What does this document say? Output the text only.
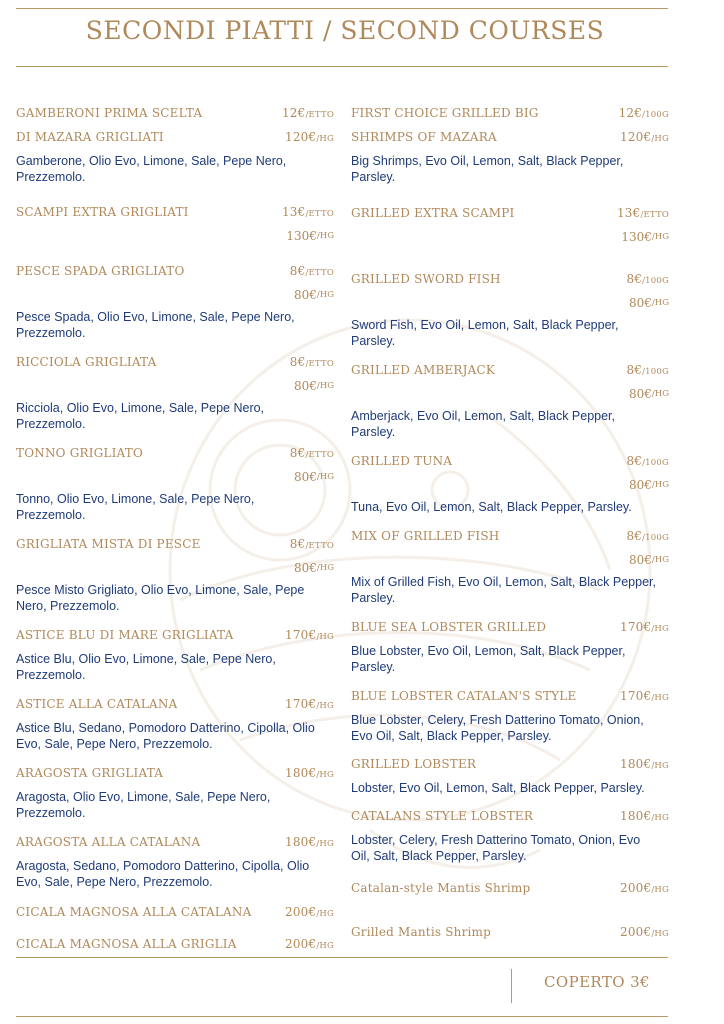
SECONDI PIATTI / SECOND COURSES
GAMBERONI PRIMA SCELTA	12€/ETTO
DI MAZARA GRIGLIATI	120€/HG
Gamberone, Olio Evo, Limone, Sale, Pepe Nero, Prezzemolo.
SCAMPI EXTRA GRIGLIATI	13€/ETTO
130€ /HG
PESCE SPADA GRIGLIATO	8€/ETTO
80€ /HG
Pesce Spada, Olio Evo, Limone, Sale, Pepe Nero, Prezzemolo.
RICCIOLA GRIGLIATA	8€/ETTO
80€ /HG
Ricciola, Olio Evo, Limone, Sale, Pepe Nero, Prezzemolo.
TONNO GRIGLIATO	8€/ETTO
80€ /HG
Tonno, Olio Evo, Limone, Sale, Pepe Nero, Prezzemolo.
GRIGLIATA MISTA DI PESCE	8€/ETTO
80€ /HG
Pesce Misto Grigliato, Olio Evo, Limone, Sale, Pepe Nero, Prezzemolo.
ASTICE BLU DI MARE GRIGLIATA	170€/HG
Astice Blu, Olio Evo, Limone, Sale, Pepe Nero, Prezzemolo.
ASTICE ALLA CATALANA	170€/HG
Astice Blu, Sedano, Pomodoro Datterino, Cipolla, Olio Evo, Sale, Pepe Nero, Prezzemolo.
ARAGOSTA GRIGLIATA	180€/HG
Aragosta, Olio Evo, Limone, Sale, Pepe Nero, Prezzemolo.
ARAGOSTA ALLA CATALANA	180€/HG
Aragosta, Sedano, Pomodoro Datterino, Cipolla, Olio Evo, Sale, Pepe Nero, Prezzemolo.
CICALA MAGNOSA ALLA CATALANA	200€/HG
CICALA MAGNOSA ALLA GRIGLIA	200€/HG
FIRST CHOICE GRILLED BIG	12€/100G
SHRIMPS OF MAZARA	120€/HG
Big Shrimps, Evo Oil, Lemon, Salt, Black Pepper, Parsley.
GRILLED EXTRA SCAMPI	13€/ETTO
130€ /HG
GRILLED SWORD FISH	8€/100G
80€ /HG
Sword Fish, Evo Oil, Lemon, Salt, Black Pepper, Parsley.
GRILLED AMBERJACK	8€/100G
80€ /HG
Amberjack, Evo Oil, Lemon, Salt, Black Pepper, Parsley.
GRILLED TUNA	8€/100G
80€ /HG
Tuna, Evo Oil, Lemon, Salt, Black Pepper, Parsley.
MIX OF GRILLED FISH	8€/100G
80€ /HG
Mix of Grilled Fish, Evo Oil, Lemon, Salt, Black Pepper, Parsley.
BLUE SEA LOBSTER GRILLED	170€/HG
Blue Lobster, Evo Oil, Lemon, Salt, Black Pepper, Parsley.
BLUE LOBSTER CATALAN'S STYLE	170€/HG
Blue Lobster, Celery, Fresh Datterino Tomato, Onion, Evo Oil, Salt, Black Pepper, Parsley.
GRILLED LOBSTER	180€/HG
Lobster, Evo Oil, Lemon, Salt, Black Pepper, Parsley.
CATALANS STYLE LOBSTER	180€/HG
Lobster, Celery, Fresh Datterino Tomato, Onion, Evo Oil, Salt, Black Pepper, Parsley.
Catalan-style Mantis Shrimp	200€/HG
Grilled Mantis Shrimp	200€/HG
COPERTO 3€
